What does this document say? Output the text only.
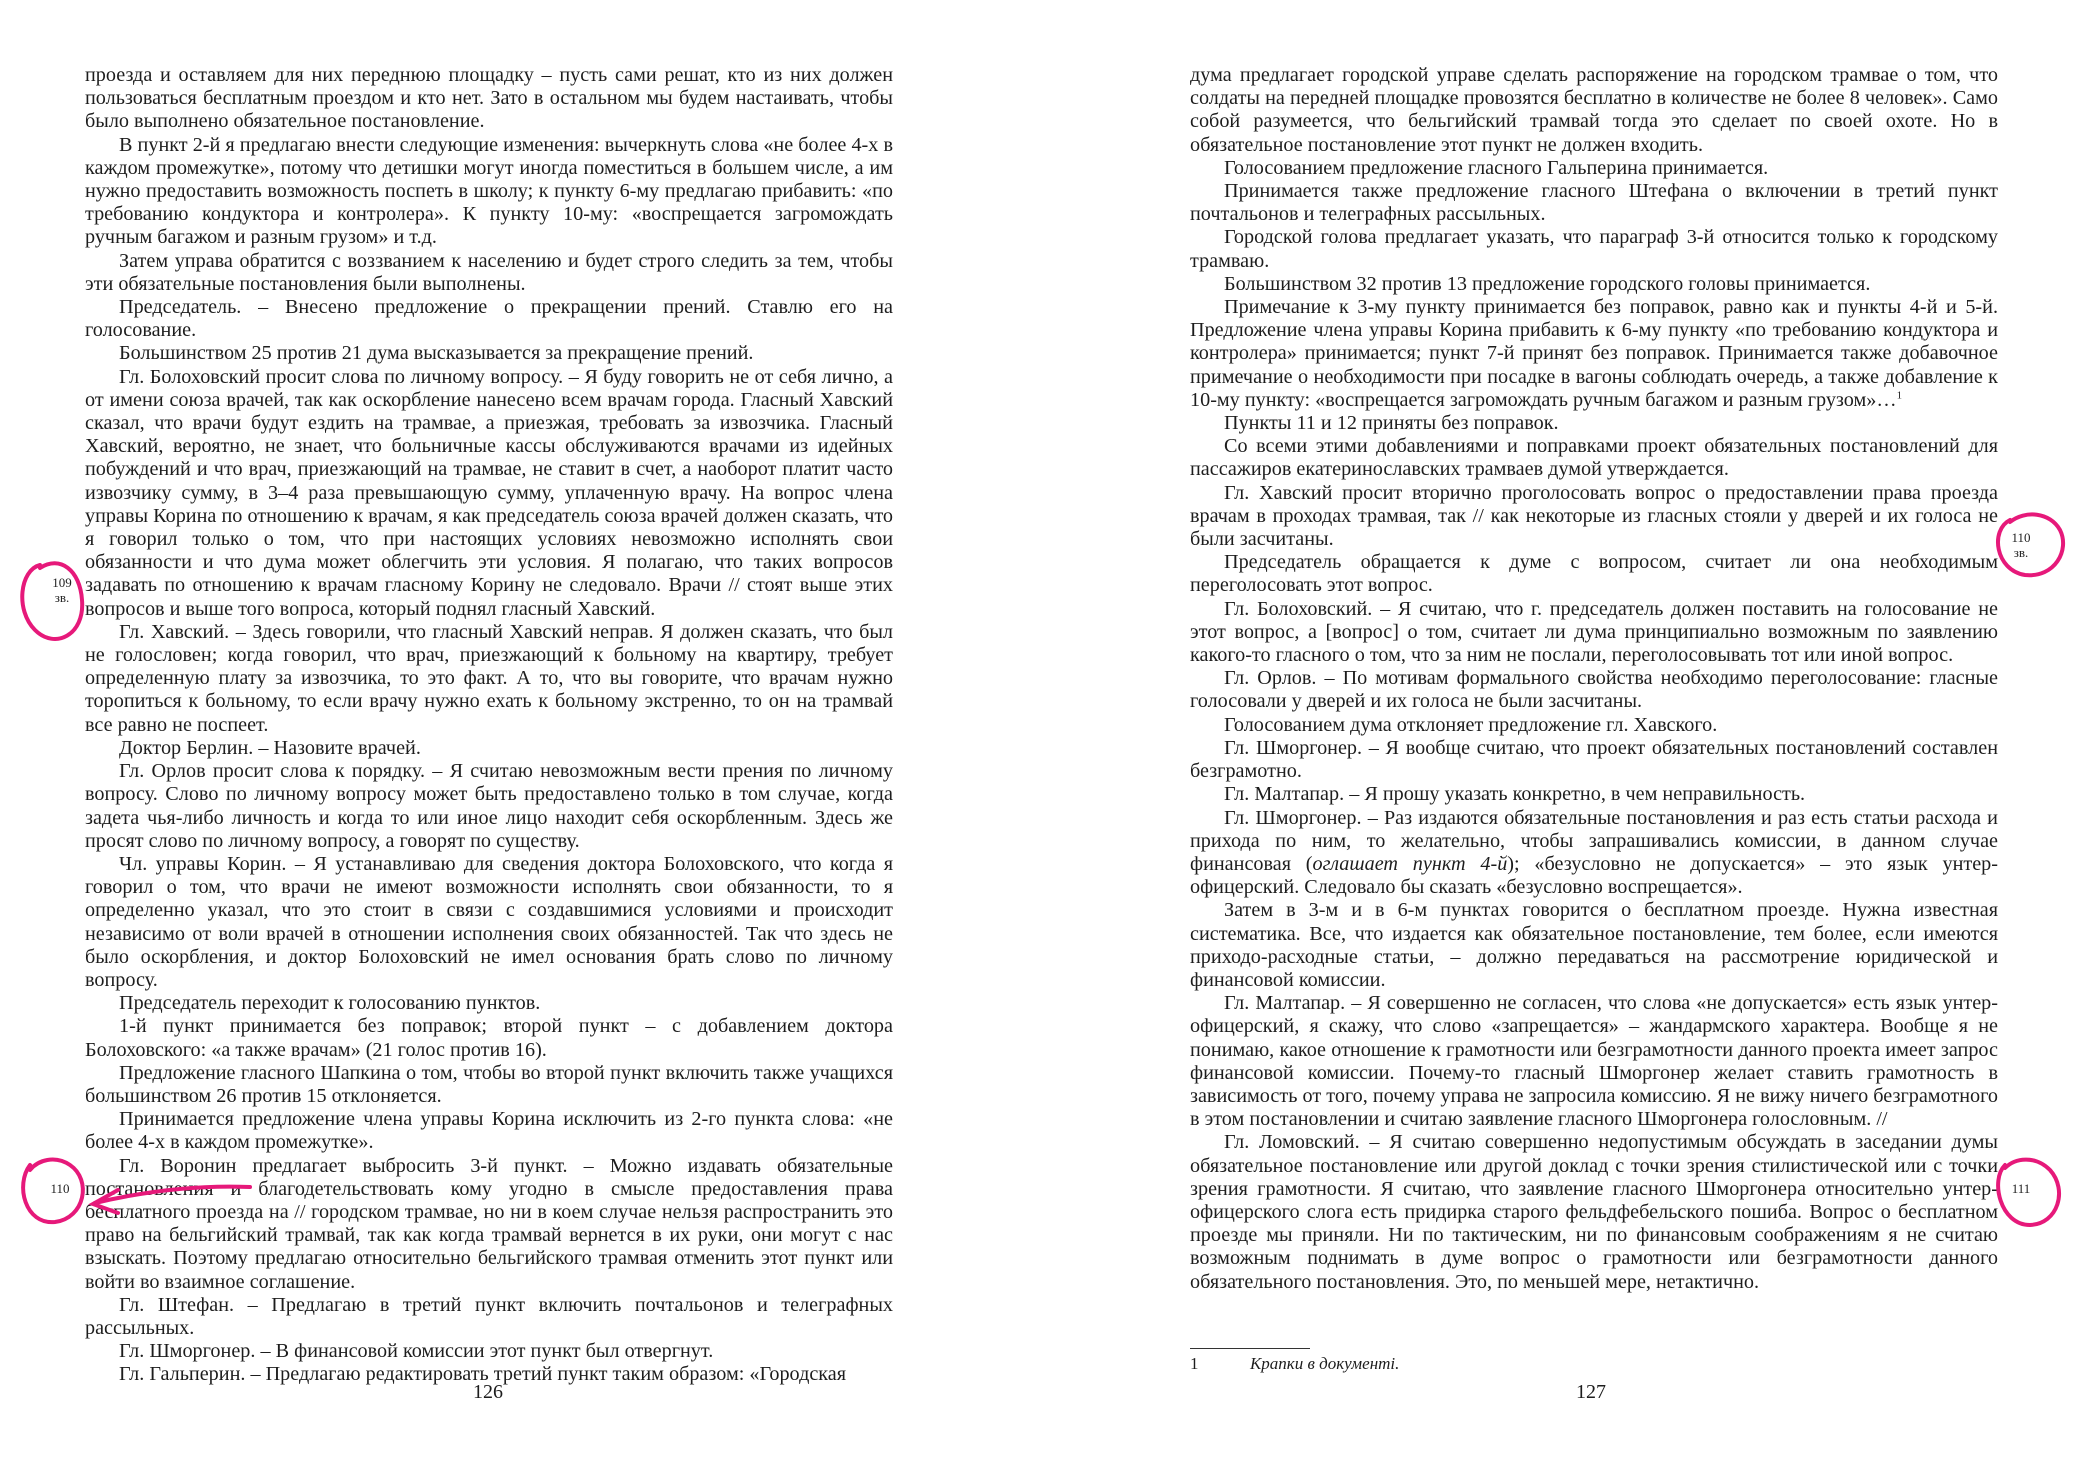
проезда и оставляем для них переднюю площадку – пусть сами решат, кто из них должен пользоваться бесплатным проездом и кто нет. Зато в остальном мы будем настаивать, чтобы было выполнено обязательное постановление.

В пункт 2-й я предлагаю внести следующие изменения: вычеркнуть слова «не более 4-х в каждом промежутке», потому что детишки могут иногда поместиться в большем числе, а им нужно предоставить возможность поспеть в школу; к пункту 6-му предлагаю прибавить: «по требованию кондуктора и контролера». К пункту 10-му: «воспрещается загромождать ручным багажом и разным грузом» и т.д.

Затем управа обратится с воззванием к населению и будет строго следить за тем, чтобы эти обязательные постановления были выполнены.

Председатель. – Внесено предложение о прекращении прений. Ставлю его на голосование.

Большинством 25 против 21 дума высказывается за прекращение прений.

Гл. Болоховский просит слова по личному вопросу. – Я буду говорить не от себя лично, а от имени союза врачей, так как оскорбление нанесено всем врачам города. Гласный Хавский сказал, что врачи будут ездить на трамвае, а приезжая, требовать за извозчика. Гласный Хавский, вероятно, не знает, что больничные кассы обслуживаются врачами из идейных побуждений и что врач, приезжающий на трамвае, не ставит в счет, а наоборот платит часто извозчику сумму, в 3–4 раза превышающую сумму, уплаченную врачу. На вопрос члена управы Корина по отношению к врачам, я как председатель союза врачей должен сказать, что я говорил только о том, что при настоящих условиях невозможно исполнять свои обязанности и что дума может облегчить эти условия. Я полагаю, что таких вопросов задавать по отношению к врачам гласному Корину не следовало. Врачи // стоят выше этих вопросов и выше того вопроса, который поднял гласный Хавский.

Гл. Хавский. – Здесь говорили, что гласный Хавский неправ. Я должен сказать, что был не голословен; когда говорил, что врач, приезжающий к больному на квартиру, требует определенную плату за извозчика, то это факт. А то, что вы говорите, что врачам нужно торопиться к больному, то если врачу нужно ехать к больному экстренно, то он на трамвай все равно не поспеет.

Доктор Берлин. – Назовите врачей.

Гл. Орлов просит слова к порядку. – Я считаю невозможным вести прения по личному вопросу. Слово по личному вопросу может быть предоставлено только в том случае, когда задета чья-либо личность и когда то или иное лицо находит себя оскорбленным. Здесь же просят слово по личному вопросу, а говорят по существу.

Чл. управы Корин. – Я устанавливаю для сведения доктора Болоховского, что когда я говорил о том, что врачи не имеют возможности исполнять свои обязанности, то я определенно указал, что это стоит в связи с создавшимися условиями и происходит независимо от воли врачей в отношении исполнения своих обязанностей. Так что здесь не было оскорбления, и доктор Болоховский не имел основания брать слово по личному вопросу.

Председатель переходит к голосованию пунктов.

1-й пункт принимается без поправок; второй пункт – с добавлением доктора Болоховского: «а также врачам» (21 голос против 16).

Предложение гласного Шапкина о том, чтобы во второй пункт включить также учащихся большинством 26 против 15 отклоняется.

Принимается предложение члена управы Корина исключить из 2-го пункта слова: «не более 4-х в каждом промежутке».

Гл. Воронин предлагает выбросить 3-й пункт. – Можно издавать обязательные постановления и благодетельствовать кому угодно в смысле предоставления права бесплатного проезда на // городском трамвае, но ни в коем случае нельзя распространить это право на бельгийский трамвай, так как когда трамвай вернется в их руки, они могут с нас взыскать. Поэтому предлагаю относительно бельгийского трамвая отменить этот пункт или войти во взаимное соглашение.

Гл. Штефан. – Предлагаю в третий пункт включить почтальонов и телеграфных рассыльных.

Гл. Шморгонер. – В финансовой комиссии этот пункт был отвергнут.

Гл. Гальперин. – Предлагаю редактировать третий пункт таким образом: «Городская

126

дума предлагает городской управе сделать распоряжение на городском трамвае о том, что солдаты на передней площадке провозятся бесплатно в количестве не более 8 человек». Само собой разумеется, что бельгийский трамвай тогда это сделает по своей охоте. Но в обязательное постановление этот пункт не должен входить.

Голосованием предложение гласного Гальперина принимается.

Принимается также предложение гласного Штефана о включении в третий пункт почтальонов и телеграфных рассыльных.

Городской голова предлагает указать, что параграф 3-й относится только к городскому трамваю.

Большинством 32 против 13 предложение городского головы принимается.

Примечание к 3-му пункту принимается без поправок, равно как и пункты 4-й и 5-й. Предложение члена управы Корина прибавить к 6-му пункту «по требованию кондуктора и контролера» принимается; пункт 7-й принят без поправок. Принимается также добавочное примечание о необходимости при посадке в вагоны соблюдать очередь, а также добавление к 10-му пункту: «воспрещается загромождать ручным багажом и разным грузом»…$^1$

Пункты 11 и 12 приняты без поправок.

Со всеми этими добавлениями и поправками проект обязательных постановлений для пассажиров екатеринославских трамваев думой утверждается.

Гл. Хавский просит вторично проголосовать вопрос о предоставлении права проезда врачам в проходах трамвая, так // как некоторые из гласных стояли у дверей и их голоса не были засчитаны.

Председатель обращается к думе с вопросом, считает ли она необходимым переголосовать этот вопрос.

Гл. Болоховский. – Я считаю, что г. председатель должен поставить на голосование не этот вопрос, а [вопрос] о том, считает ли дума принципиально возможным по заявлению какого-то гласного о том, что за ним не послали, переголосовывать тот или иной вопрос.

Гл. Орлов. – По мотивам формального свойства необходимо переголосование: гласные голосовали у дверей и их голоса не были засчитаны.

Голосованием дума отклоняет предложение гл. Хавского.

Гл. Шморгонер. – Я вообще считаю, что проект обязательных постановлений составлен безграмотно.

Гл. Малтапар. – Я прошу указать конкретно, в чем неправильность.

Гл. Шморгонер. – Раз издаются обязательные постановления и раз есть статьи расхода и прихода по ним, то желательно, чтобы запрашивались комиссии, в данном случае финансовая (оглашает пункт 4-й); «безусловно не допускается» – это язык унтер-офицерский. Следовало бы сказать «безусловно воспрещается».

Затем в 3-м и в 6-м пунктах говорится о бесплатном проезде. Нужна известная систематика. Все, что издается как обязательное постановление, тем более, если имеются приходо-расходные статьи, – должно передаваться на рассмотрение юридической и финансовой комиссии.

Гл. Малтапар. – Я совершенно не согласен, что слова «не допускается» есть язык унтер-офицерский, я скажу, что слово «запрещается» – жандармского характера. Вообще я не понимаю, какое отношение к грамотности или безграмотности данного проекта имеет запрос финансовой комиссии. Почему-то гласный Шморгонер желает ставить грамотность в зависимость от того, почему управа не запросила комиссию. Я не вижу ничего безграмотного в этом постановлении и считаю заявление гласного Шморгонера голословным. //

Гл. Ломовский. – Я считаю совершенно недопустимым обсуждать в заседании думы обязательное постановление или другой доклад с точки зрения стилистической или с точки зрения грамотности. Я считаю, что заявление гласного Шморгонера относительно унтер-офицерского слога есть придирка старого фельдфебельского пошиба. Вопрос о бесплатном проезде мы приняли. Ни по тактическим, ни по финансовым соображениям я не считаю возможным поднимать в думе вопрос о грамотности или безграмотности данного обязательного постановления. Это, по меньшей мере, нетактично.

1	Крапки в документі.
127
109
зв.
110
110
зв.
111
